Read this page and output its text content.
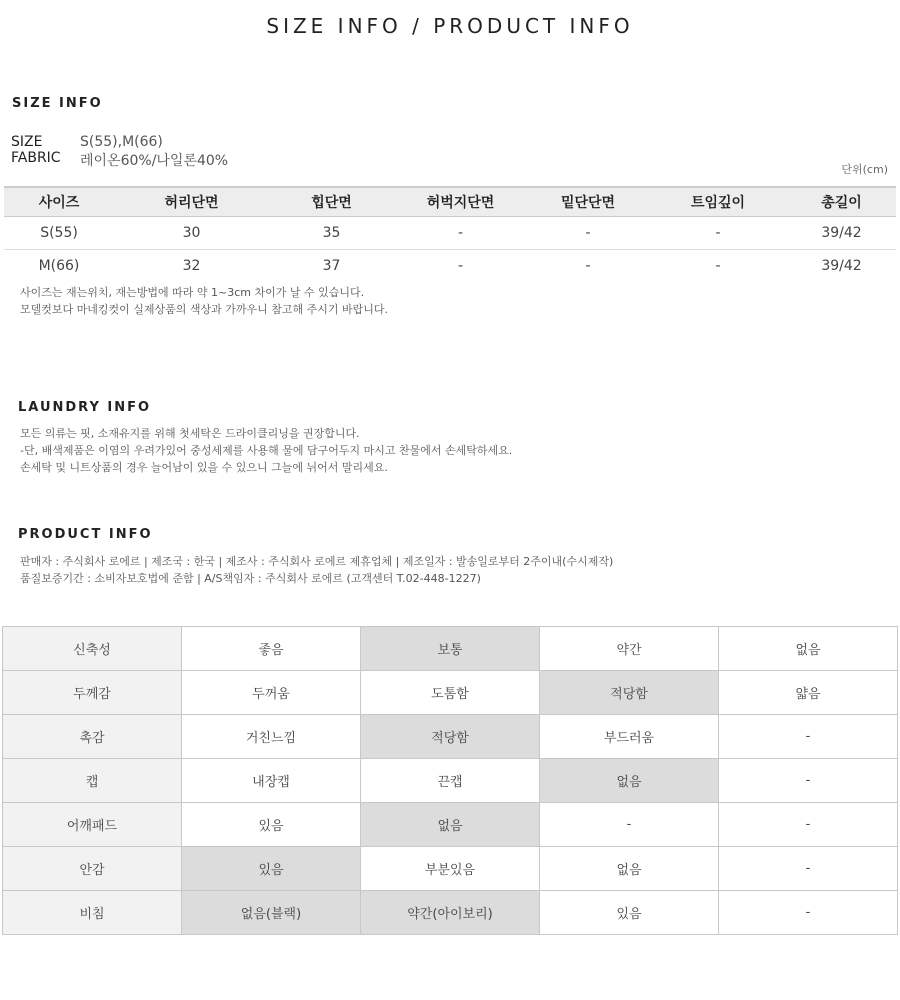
SIZE INFO / PRODUCT INFO
SIZE INFO
SIZE	S(55),M(66)
FABRIC 레이온60%/나일론40%
단위(cm)
사이즈	허리단면	힙단면	허벅지단면	밑단단면	트임깊이	총길이
S(55)	30	35	-	-	-	39/42
M(66)	32	37	-	-	-	39/42
사이즈는 재는위치, 재는방법에 따라 약 1~3cm 차이가 날 수 있습니다.
모델컷보다 마네킹컷이 실제상품의 색상과 가까우니 참고해 주시기 바랍니다.
LAUNDRY INFO
모든 의류는 핏, 소재유지를 위해 첫세탁은 드라이클리닝을 권장합니다.
-단, 배색제품은 이염의 우려가있어 중성세제를 사용해 물에 담구어두지 마시고 찬물에서 손세탁하세요.
손세탁 및 니트상품의 경우 늘어남이 있을 수 있으니 그늘에 뉘어서 말리세요.
PRODUCT INFO
판매자 : 주식회사 로에르 | 제조국 : 한국 | 제조사 : 주식회사 로에르 제휴업체 | 제조일자 : 발송일로부터 2주이내(수시제작)
품질보증기간 : 소비자보호법에 준함 | A/S책임자 : 주식회사 로에르 (고객센터 T.02-448-1227)
신축성	좋음	보통	약간	없음
두께감	두꺼움	도톰함	적당함	얇음
촉감	거친느낌	적당함	부드러움	-
캡	내장캡	끈캡	없음	-
어깨패드	있음	없음	-	-
안감	있음	부분있음	없음	-
비침	없음(블랙)	약간(아이보리)	있음	-
